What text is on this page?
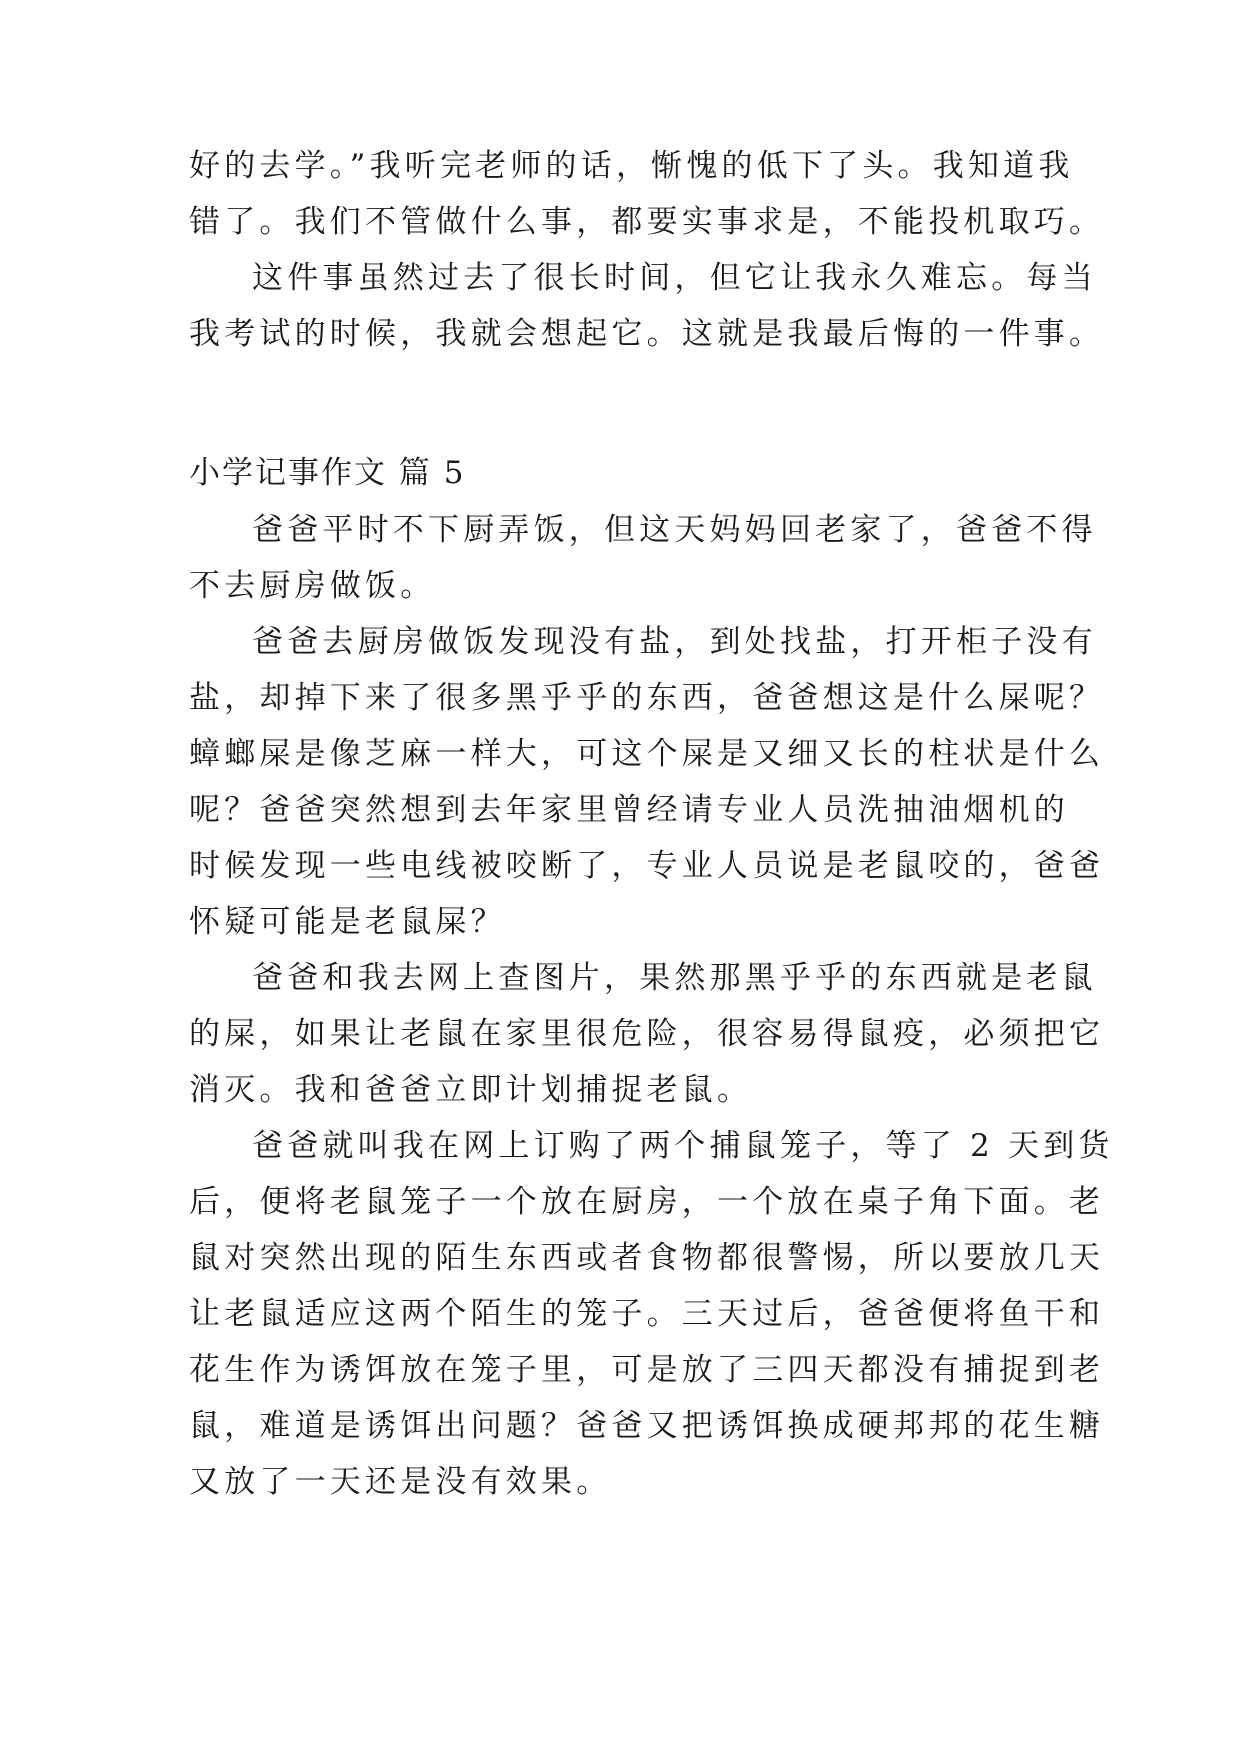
好的去学。”我听完老师的话，惭愧的低下了头。我知道我
错了。我们不管做什么事，都要实事求是，不能投机取巧。
这件事虽然过去了很长时间，但它让我永久难忘。每当
我考试的时候，我就会想起它。这就是我最后悔的一件事。
小学记事作文 篇 5
爸爸平时不下厨弄饭，但这天妈妈回老家了，爸爸不得
不去厨房做饭。
爸爸去厨房做饭发现没有盐，到处找盐，打开柜子没有
盐，却掉下来了很多黑乎乎的东西，爸爸想这是什么屎呢？
蟑螂屎是像芝麻一样大，可这个屎是又细又长的柱状是什么
呢？爸爸突然想到去年家里曾经请专业人员洗抽油烟机的
时候发现一些电线被咬断了，专业人员说是老鼠咬的，爸爸
怀疑可能是老鼠屎？
爸爸和我去网上查图片，果然那黑乎乎的东西就是老鼠
的屎，如果让老鼠在家里很危险，很容易得鼠疫，必须把它
消灭。我和爸爸立即计划捕捉老鼠。
爸爸就叫我在网上订购了两个捕鼠笼子，等了 2 天到货
后，便将老鼠笼子一个放在厨房，一个放在桌子角下面。老
鼠对突然出现的陌生东西或者食物都很警惕，所以要放几天
让老鼠适应这两个陌生的笼子。三天过后，爸爸便将鱼干和
花生作为诱饵放在笼子里，可是放了三四天都没有捕捉到老
鼠，难道是诱饵出问题？爸爸又把诱饵换成硬邦邦的花生糖
又放了一天还是没有效果。
